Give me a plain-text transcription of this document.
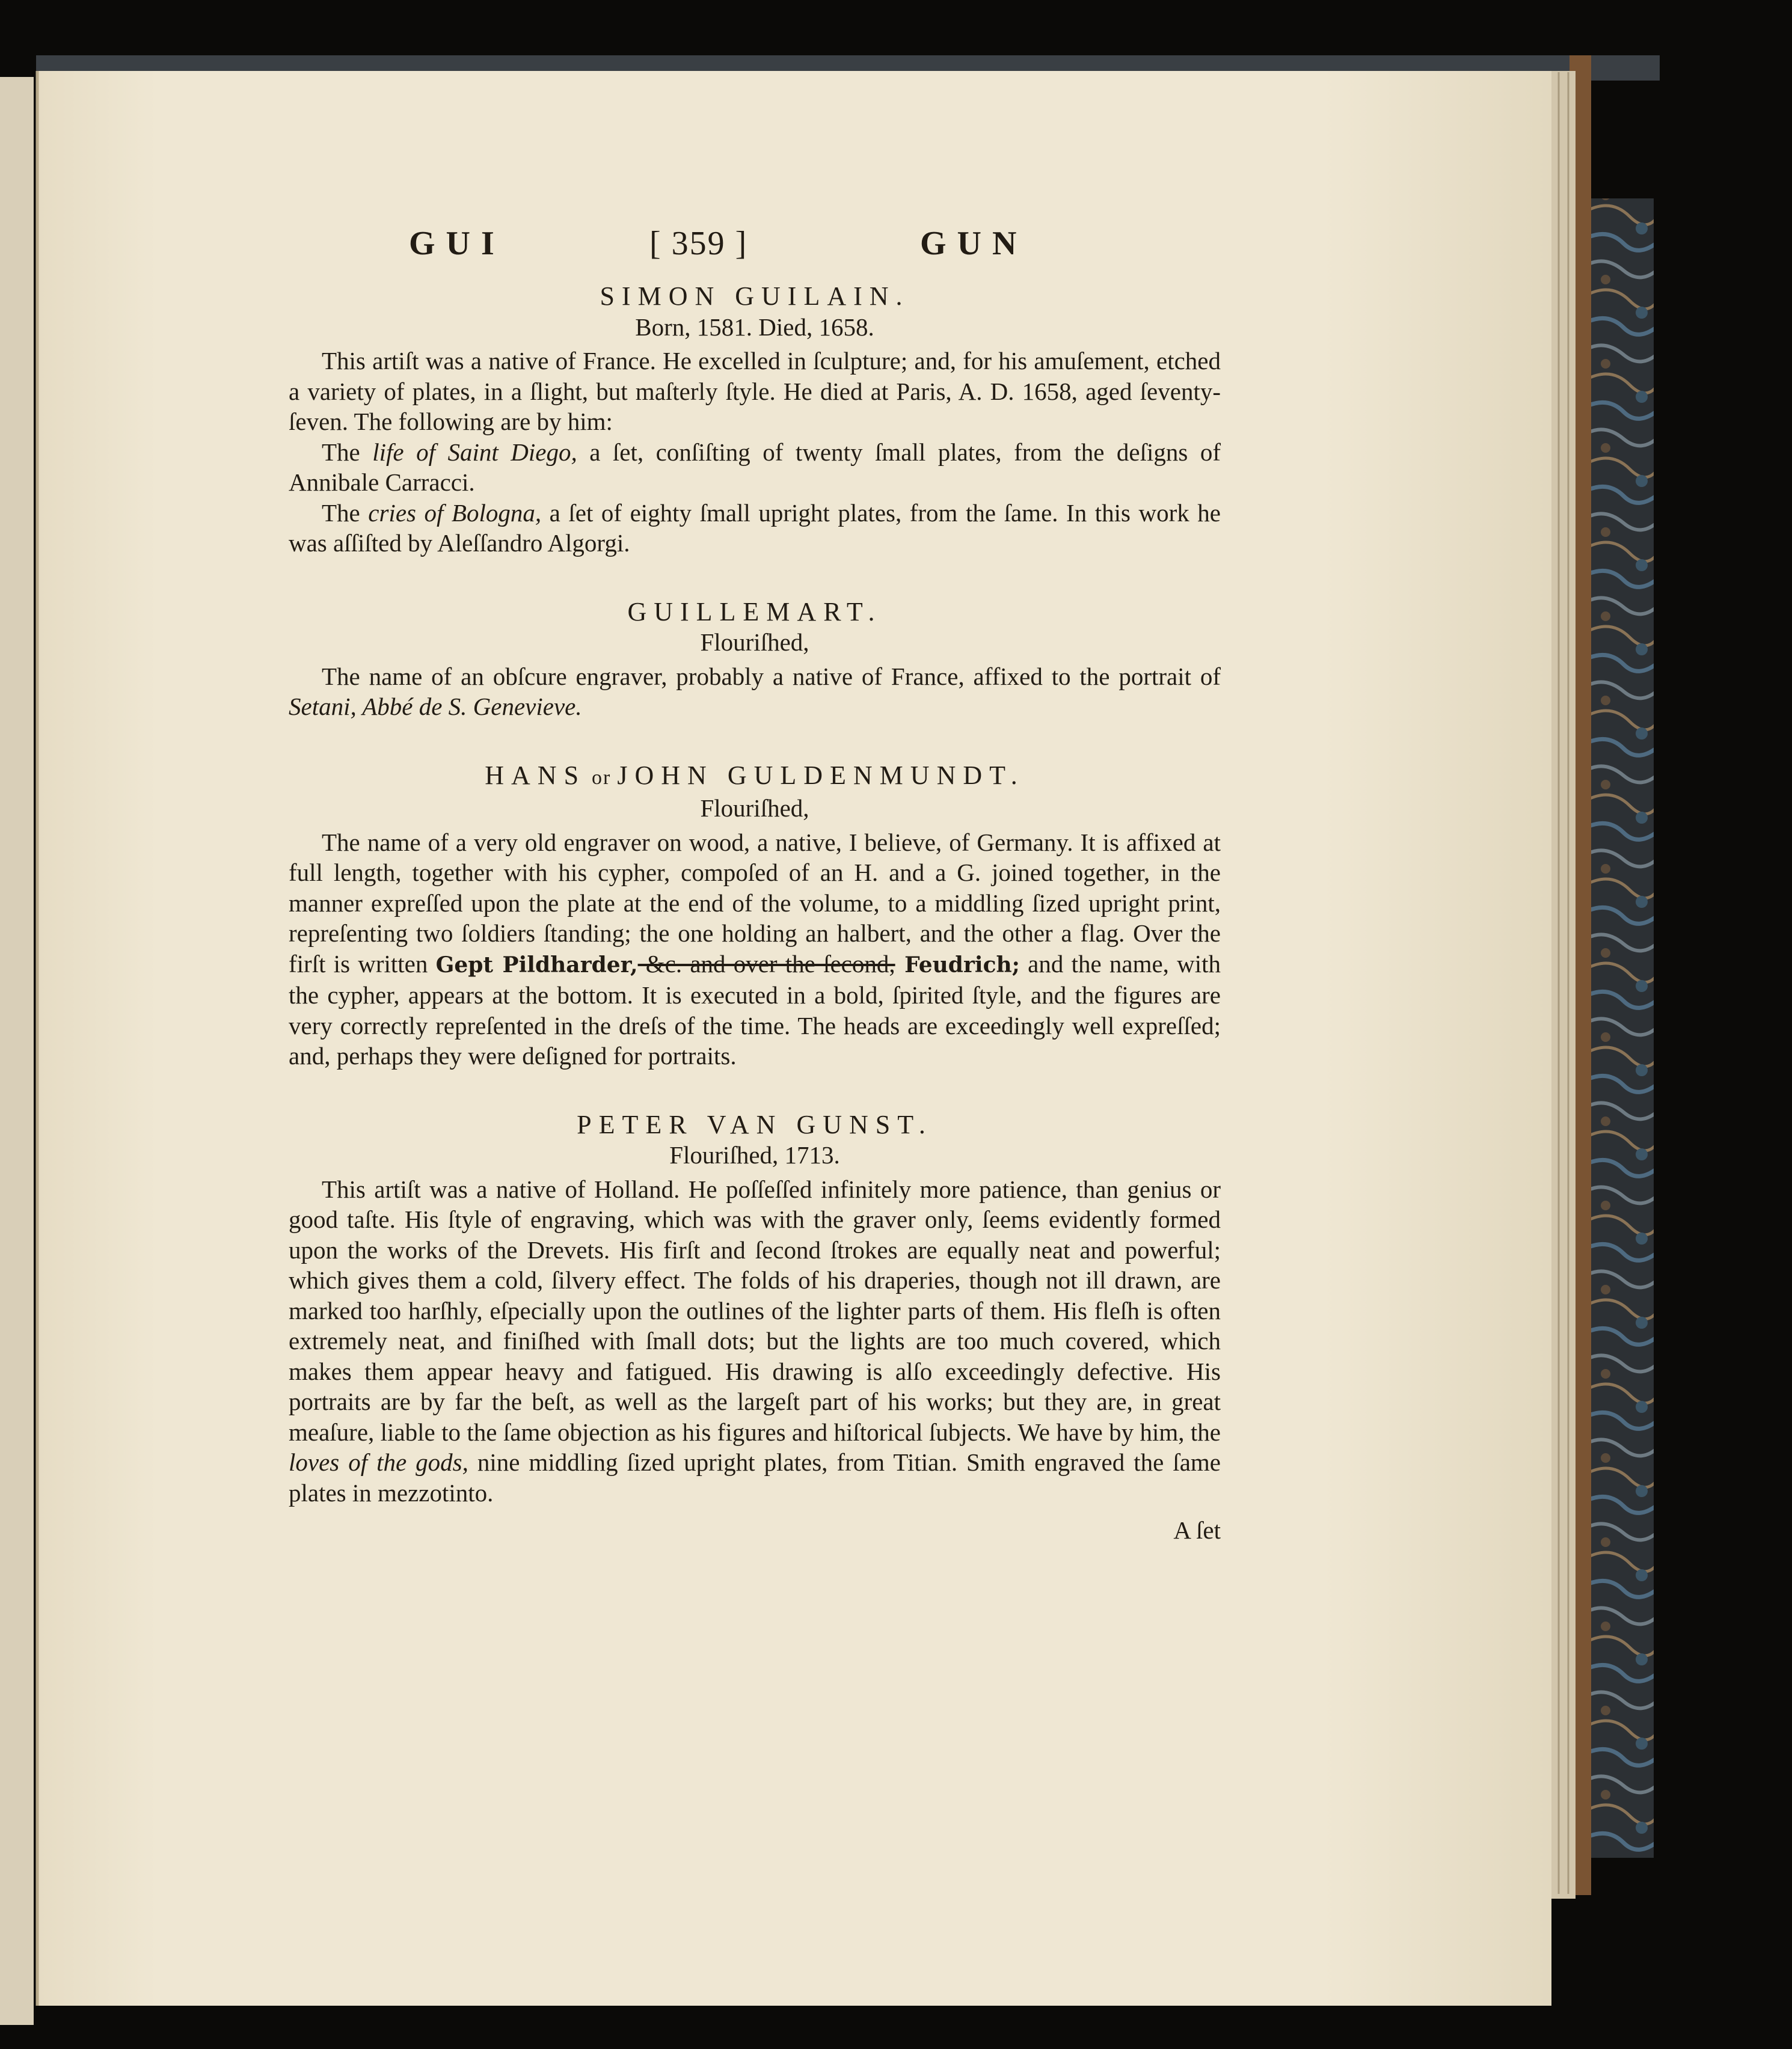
GUI	[ 359 ]	GUN
SIMON GUILAIN.
Born, 1581. Died, 1658.

This artiſt was a native of France. He excelled in ſculpture; and, for his amuſement, etched a variety of plates, in a ſlight, but maſterly ſtyle. He died at Paris, A. D. 1658, aged ſeventy-ſeven. The following are by him:

The life of Saint Diego, a ſet, conſiſting of twenty ſmall plates, from the deſigns of Annibale Carracci.

The cries of Bologna, a ſet of eighty ſmall upright plates, from the ſame. In this work he was aſſiſted by Aleſſandro Algorgi.

GUILLEMART.
Flouriſhed,

The name of an obſcure engraver, probably a native of France, affixed to the portrait of Setani, Abbé de S. Genevieve.

HANS or JOHN GULDENMUNDT.
Flouriſhed,

The name of a very old engraver on wood, a native, I believe, of Germany. It is affixed at full length, together with his cypher, compoſed of an H. and a G. joined together, in the manner expreſſed upon the plate at the end of the volume, to a middling ſized upright print, repreſenting two ſoldiers ſtanding; the one holding an halbert, and the other a flag. Over the firſt is written Gept Pildharder, &c. and over the ſecond, Feudrich; and the name, with the cypher, appears at the bottom. It is executed in a bold, ſpirited ſtyle, and the figures are very correctly repreſented in the dreſs of the time. The heads are exceedingly well expreſſed; and, perhaps they were deſigned for portraits.

PETER VAN GUNST.
Flouriſhed, 1713.

This artiſt was a native of Holland. He poſſeſſed infinitely more patience, than genius or good taſte. His ſtyle of engraving, which was with the graver only, ſeems evidently formed upon the works of the Drevets. His firſt and ſecond ſtrokes are equally neat and powerful; which gives them a cold, ſilvery effect. The folds of his draperies, though not ill drawn, are marked too harſhly, eſpecially upon the outlines of the lighter parts of them. His fleſh is often extremely neat, and finiſhed with ſmall dots; but the lights are too much covered, which makes them appear heavy and fatigued. His drawing is alſo exceedingly defective. His portraits are by far the beſt, as well as the largeſt part of his works; but they are, in great meaſure, liable to the ſame objection as his figures and hiſtorical ſubjects. We have by him, the loves of the gods, nine middling ſized upright plates, from Titian. Smith engraved the ſame plates in mezzotinto.

A ſet
